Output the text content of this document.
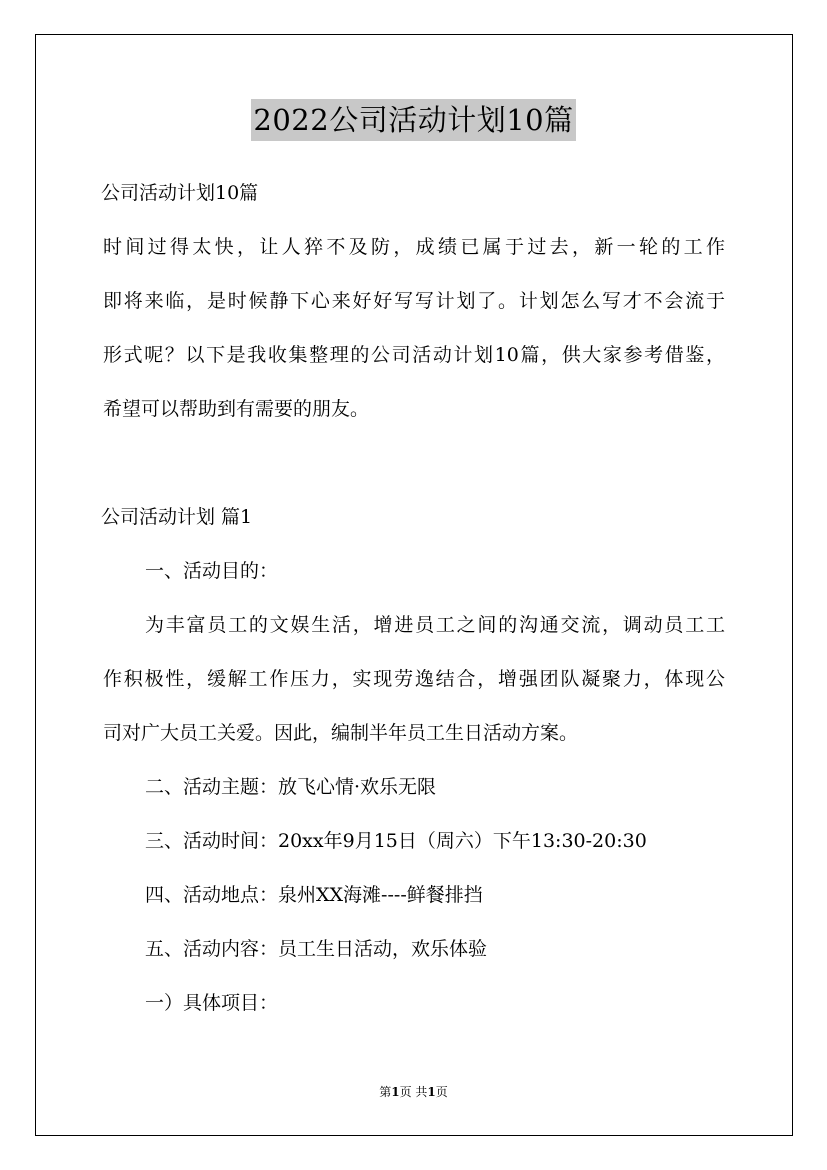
2022公司活动计划10篇
公司活动计划10篇
时间过得太快，让人猝不及防，成绩已属于过去，新一轮的工作
即将来临，是时候静下心来好好写写计划了。计划怎么写才不会流于
形式呢？以下是我收集整理的公司活动计划10篇，供大家参考借鉴，
希望可以帮助到有需要的朋友。
公司活动计划 篇1
一、活动目的：
为丰富员工的文娱生活，增进员工之间的沟通交流，调动员工工
作积极性，缓解工作压力，实现劳逸结合，增强团队凝聚力，体现公
司对广大员工关爱。因此，编制半年员工生日活动方案。
二、活动主题：放飞心情·欢乐无限
三、活动时间：20xx年9月15日（周六）下午13:30-20:30
四、活动地点：泉州XX海滩----鲜餐排挡
五、活动内容：员工生日活动，欢乐体验
一）具体项目：
第1页 共1页
